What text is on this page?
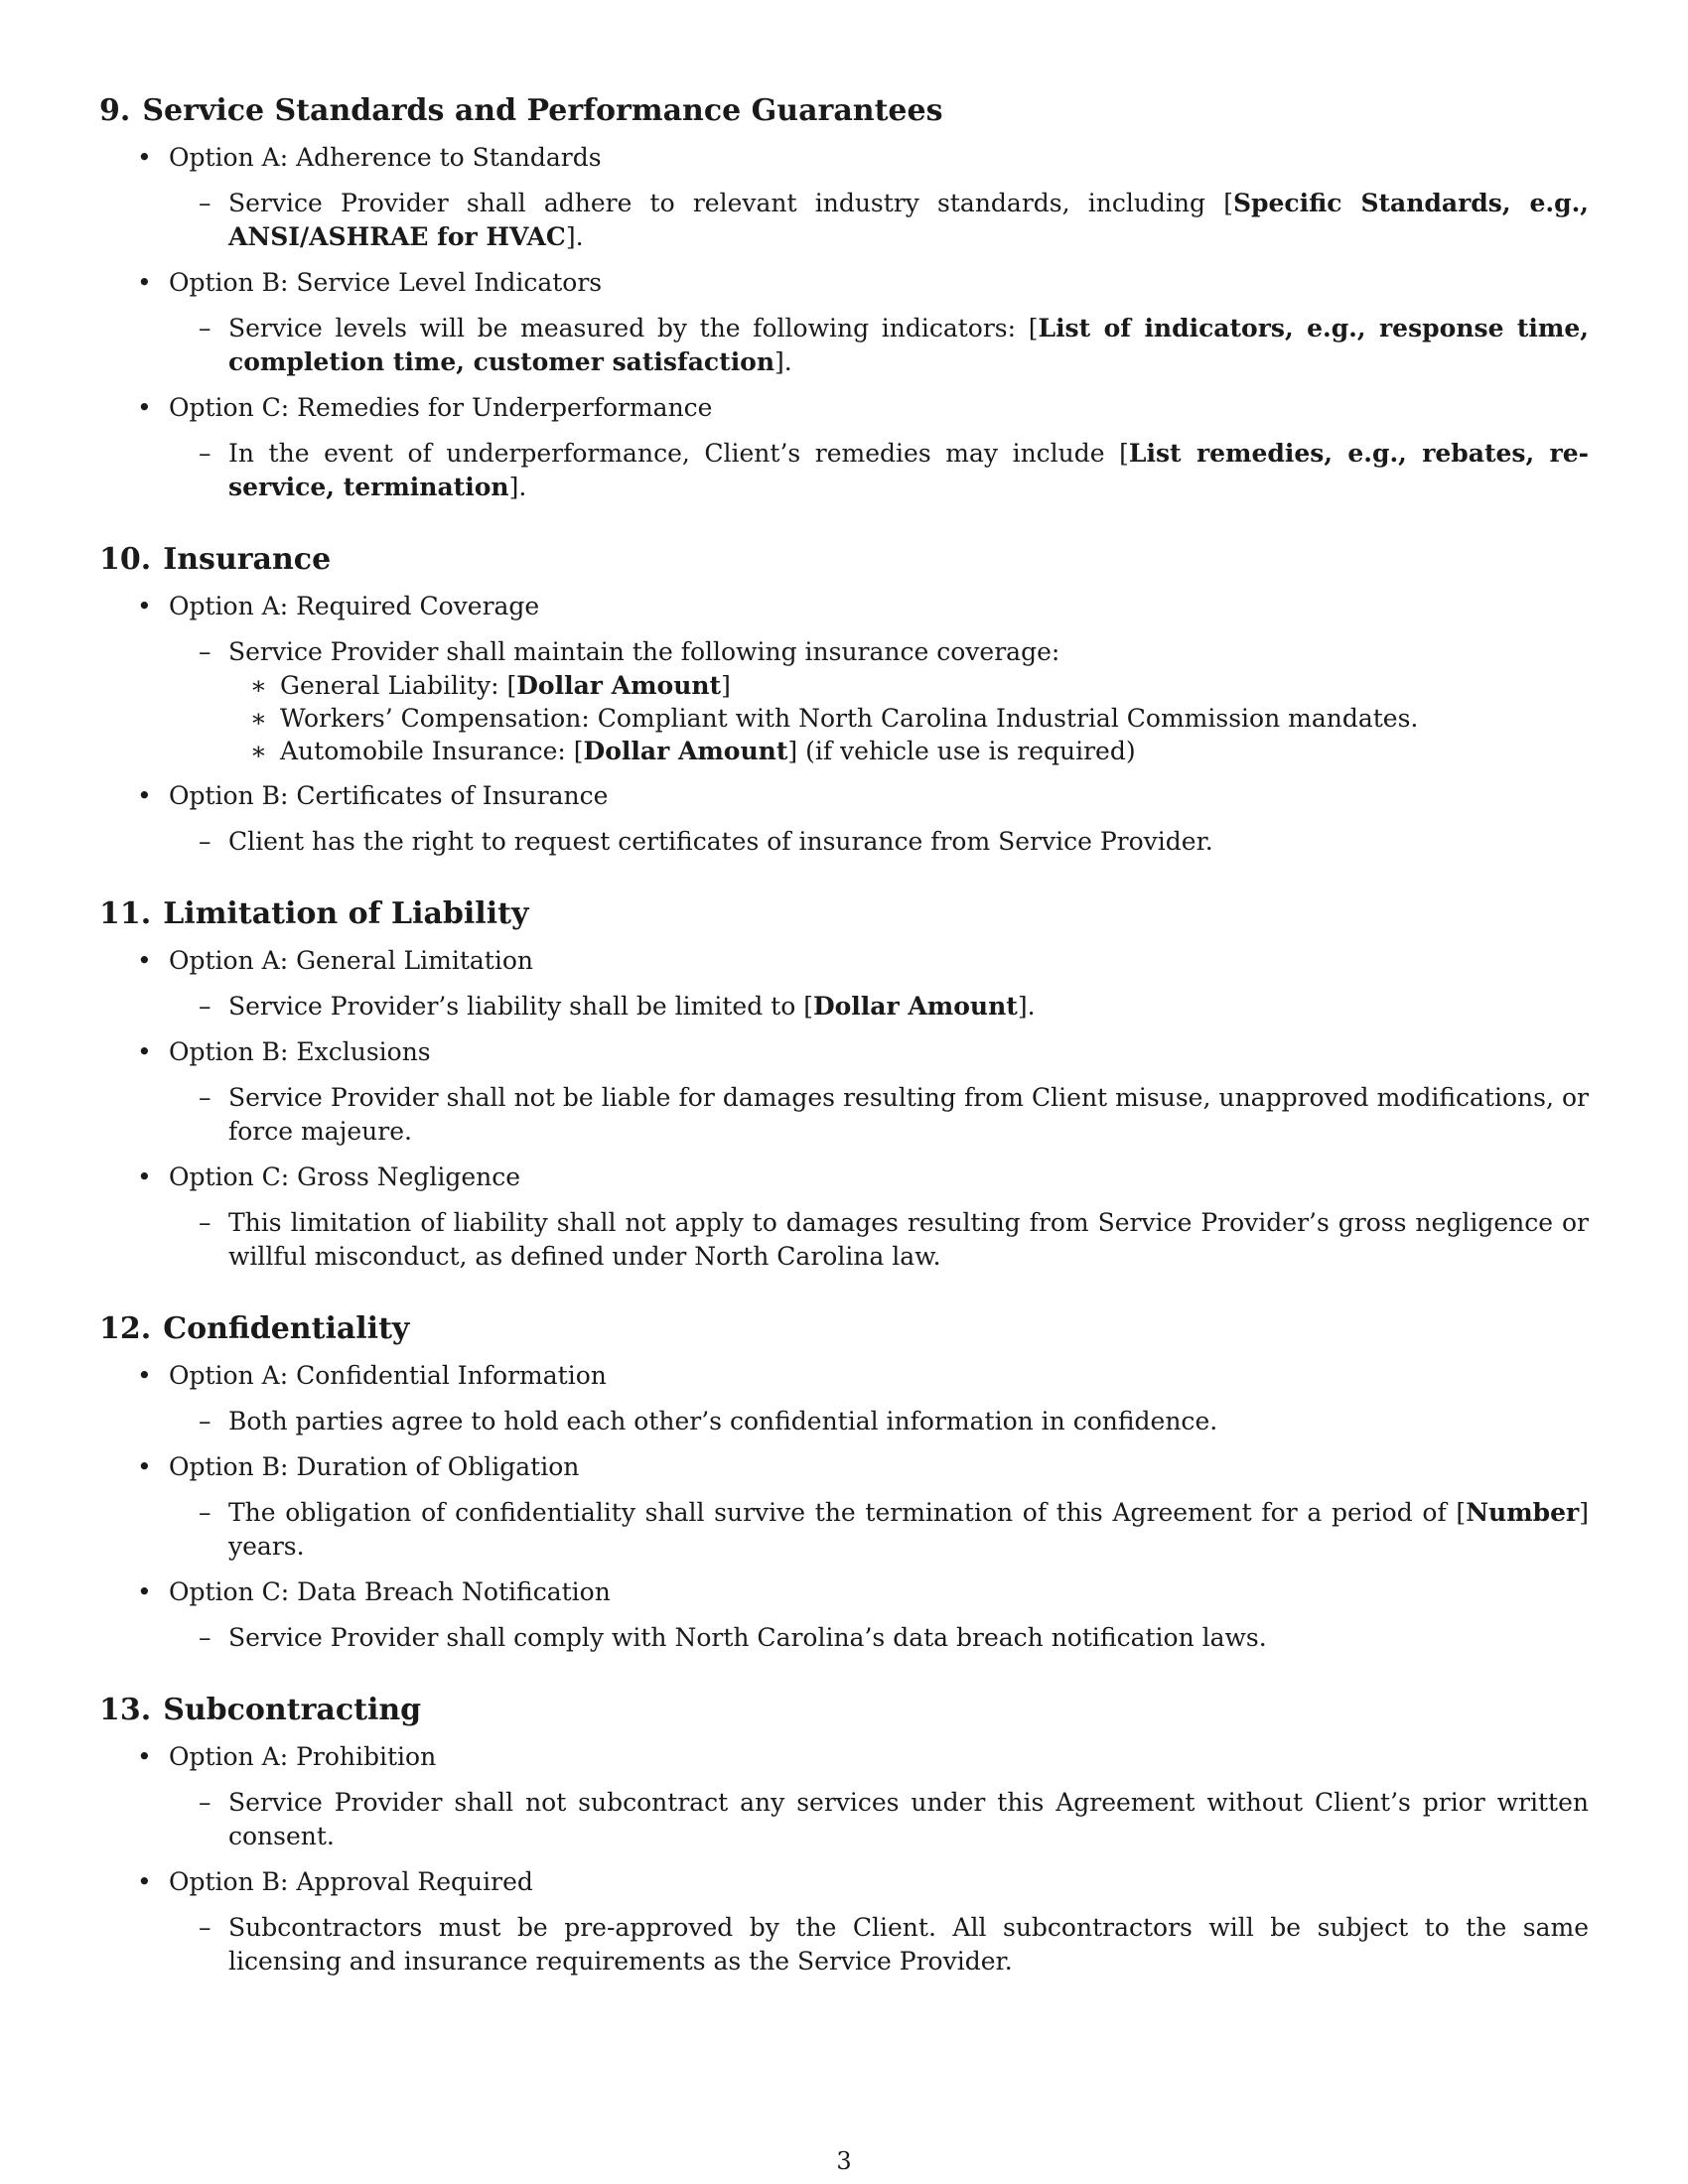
9. Service Standards and Performance Guarantees
• Option A: Adherence to Standards
– Service Provider shall adhere to relevant industry standards, including [Specific Standards, e.g., ANSI/ASHRAE for HVAC].
• Option B: Service Level Indicators
– Service levels will be measured by the following indicators: [List of indicators, e.g., response time, completion time, customer satisfaction].
• Option C: Remedies for Underperformance
– In the event of underperformance, Client’s remedies may include [List remedies, e.g., rebates, re-service, termination].
10. Insurance
• Option A: Required Coverage
– Service Provider shall maintain the following insurance coverage:
∗ General Liability: [Dollar Amount]
∗ Workers’ Compensation: Compliant with North Carolina Industrial Commission mandates.
∗ Automobile Insurance: [Dollar Amount] (if vehicle use is required)
• Option B: Certificates of Insurance
– Client has the right to request certificates of insurance from Service Provider.
11. Limitation of Liability
• Option A: General Limitation
– Service Provider’s liability shall be limited to [Dollar Amount].
• Option B: Exclusions
– Service Provider shall not be liable for damages resulting from Client misuse, unapproved modifications, or force majeure.
• Option C: Gross Negligence
– This limitation of liability shall not apply to damages resulting from Service Provider’s gross negligence or willful misconduct, as defined under North Carolina law.
12. Confidentiality
• Option A: Confidential Information
– Both parties agree to hold each other’s confidential information in confidence.
• Option B: Duration of Obligation
– The obligation of confidentiality shall survive the termination of this Agreement for a period of [Number] years.
• Option C: Data Breach Notification
– Service Provider shall comply with North Carolina’s data breach notification laws.
13. Subcontracting
• Option A: Prohibition
– Service Provider shall not subcontract any services under this Agreement without Client’s prior written consent.
• Option B: Approval Required
– Subcontractors must be pre-approved by the Client. All subcontractors will be subject to the same licensing and insurance requirements as the Service Provider.
3
